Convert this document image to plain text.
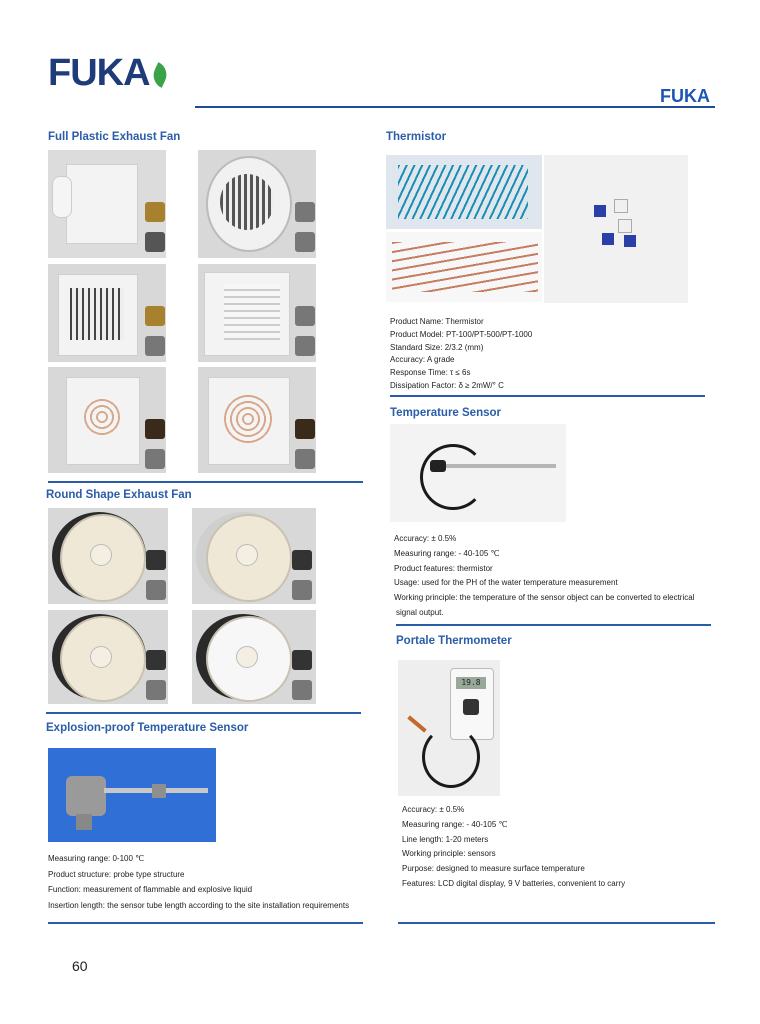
FUKA
FUKA
Full Plastic Exhaust Fan
Round Shape Exhaust Fan
Explosion-proof Temperature Sensor
Measuring range: 0-100 ℃
Product structure: probe type structure
Function: measurement of flammable and explosive liquid
Insertion length: the sensor tube length according to the site installation requirements
Thermistor
Product Name: Thermistor
Product Model: PT-100/PT-500/PT-1000
Standard Size: 2/3.2 (mm)
Accuracy: A grade
Response Time: τ ≤ 6s
Dissipation Factor: δ ≥ 2mW/° C
Temperature Sensor
Accuracy: ± 0.5%
Measuring range: - 40-105 ℃
Product features: thermistor
Usage: used for the PH of the water temperature measurement
Working principle: the temperature of the sensor object can be converted to electrical
signal output.
Portale Thermometer
19.8
Accuracy: ± 0.5%
Measuring range: - 40-105 ℃
Line length: 1-20 meters
Working principle: sensors
Purpose: designed to measure surface temperature
Features: LCD digital display, 9 V batteries, convenient to carry
60
